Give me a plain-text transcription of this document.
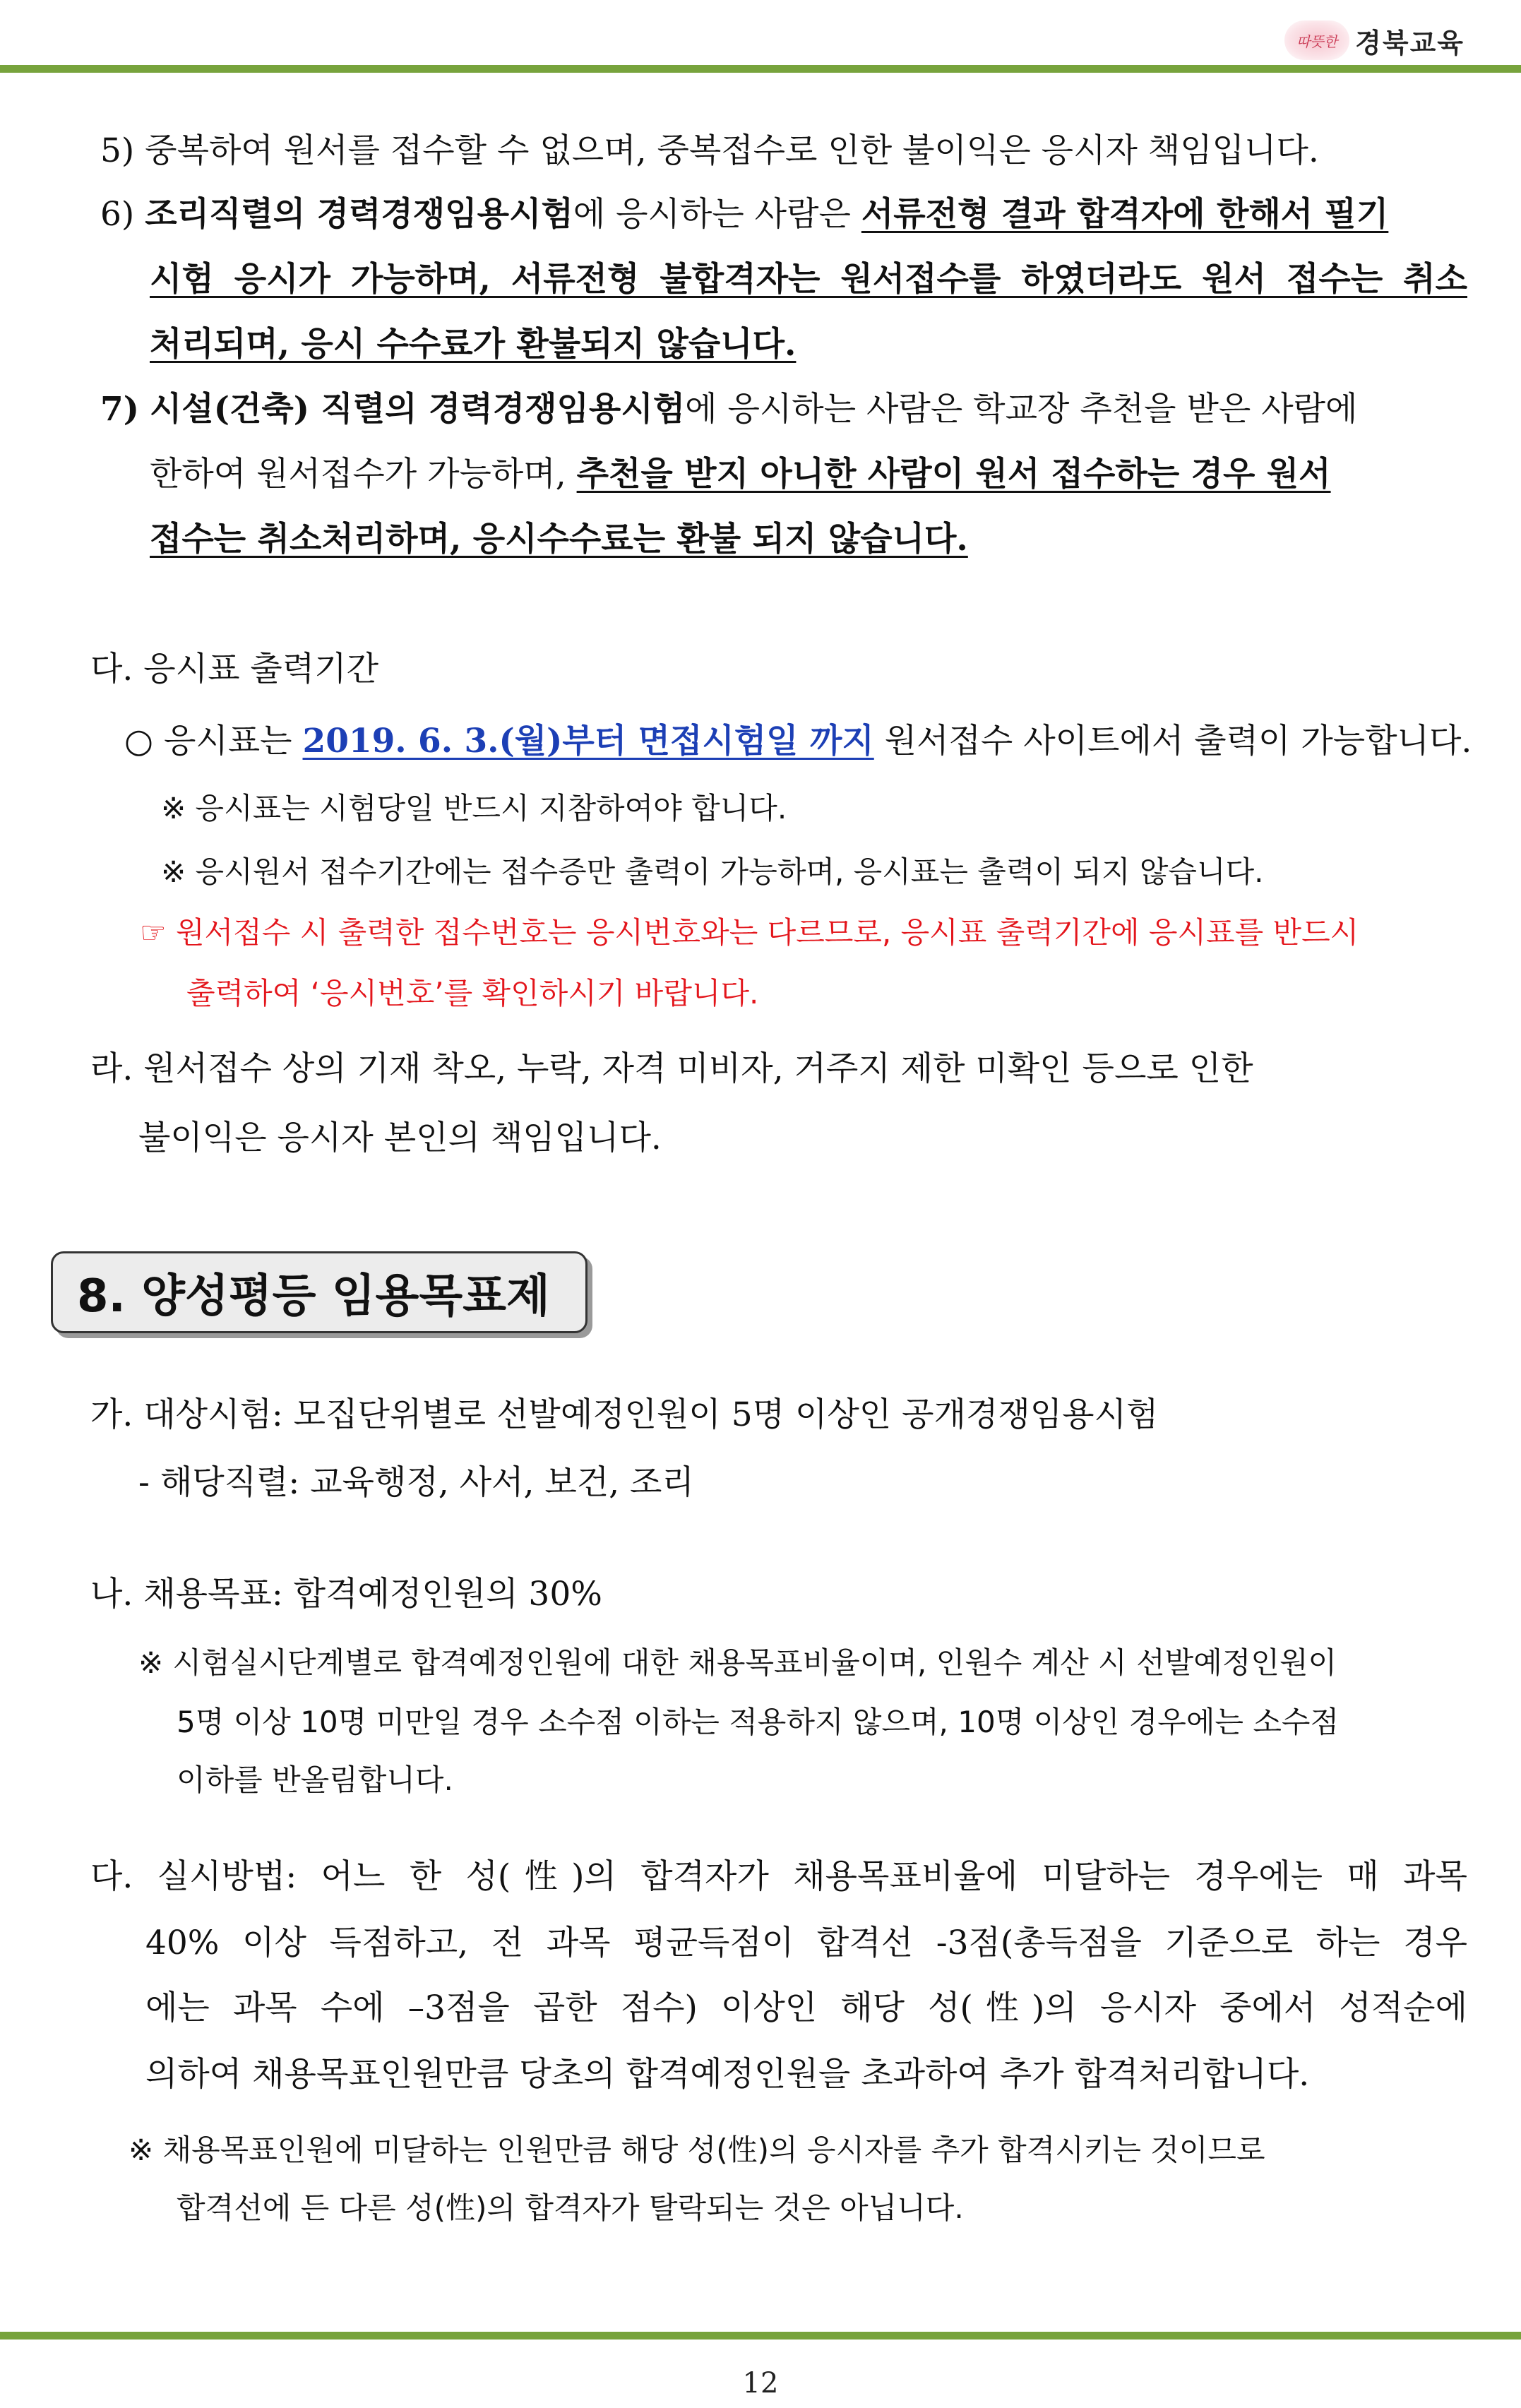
따뜻한 경북교육
5) 중복하여 원서를 접수할 수 없으며, 중복접수로 인한 불이익은 응시자 책임입니다.
6) 조리직렬의 경력경쟁임용시험에 응시하는 사람은 서류전형 결과 합격자에 한해서 필기
시험 응시가 가능하며, 서류전형 불합격자는 원서접수를 하였더라도 원서 접수는 취소
처리되며, 응시 수수료가 환불되지 않습니다.
7) 시설(건축) 직렬의 경력경쟁임용시험에 응시하는 사람은 학교장 추천을 받은 사람에
한하여 원서접수가 가능하며, 추천을 받지 아니한 사람이 원서 접수하는 경우 원서
접수는 취소처리하며, 응시수수료는 환불 되지 않습니다.
다. 응시표 출력기간
○ 응시표는 2019. 6. 3.(월)부터 면접시험일 까지 원서접수 사이트에서 출력이 가능합니다.
※ 응시표는 시험당일 반드시 지참하여야 합니다.
※ 응시원서 접수기간에는 접수증만 출력이 가능하며, 응시표는 출력이 되지 않습니다.
☞ 원서접수 시 출력한 접수번호는 응시번호와는 다르므로, 응시표 출력기간에 응시표를 반드시
출력하여 ‘응시번호’를 확인하시기 바랍니다.
라. 원서접수 상의 기재 착오, 누락, 자격 미비자, 거주지 제한 미확인 등으로 인한
불이익은 응시자 본인의 책임입니다.
8. 양성평등 임용목표제
가. 대상시험: 모집단위별로 선발예정인원이 5명 이상인 공개경쟁임용시험
- 해당직렬: 교육행정, 사서, 보건, 조리
나. 채용목표: 합격예정인원의 30%
※ 시험실시단계별로 합격예정인원에 대한 채용목표비율이며, 인원수 계산 시 선발예정인원이
5명 이상 10명 미만일 경우 소수점 이하는 적용하지 않으며, 10명 이상인 경우에는 소수점
이하를 반올림합니다.
다. 실시방법: 어느 한 성(性)의 합격자가 채용목표비율에 미달하는 경우에는 매 과목
40% 이상 득점하고, 전 과목 평균득점이 합격선 -3점(총득점을 기준으로 하는 경우
에는 과목 수에 –3점을 곱한 점수) 이상인 해당 성(性)의 응시자 중에서 성적순에
의하여 채용목표인원만큼 당초의 합격예정인원을 초과하여 추가 합격처리합니다.
※ 채용목표인원에 미달하는 인원만큼 해당 성(性)의 응시자를 추가 합격시키는 것이므로
합격선에 든 다른 성(性)의 합격자가 탈락되는 것은 아닙니다.
12
